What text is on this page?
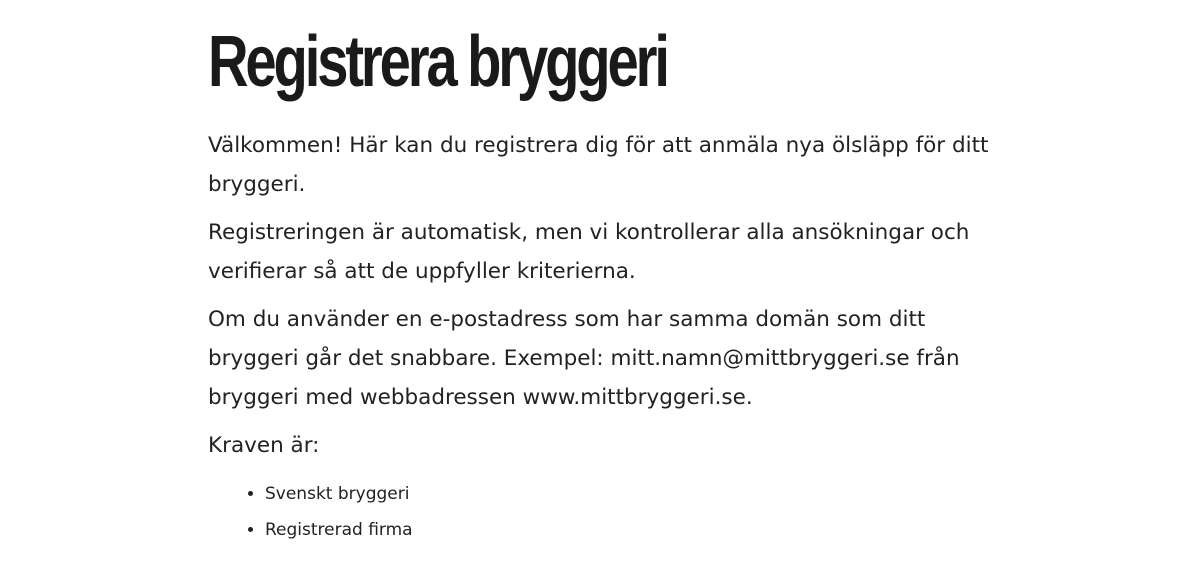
Registrera bryggeri

Välkommen! Här kan du registrera dig för att anmäla nya ölsläpp för ditt bryggeri.

Registreringen är automatisk, men vi kontrollerar alla ansökningar och verifierar så att de uppfyller kriterierna.

Om du använder en e-postadress som har samma domän som ditt bryggeri går det snabbare. Exempel: mitt.namn@mittbryggeri.se från bryggeri med webbadressen www.mittbryggeri.se.

Kraven är:

• Svenskt bryggeri
• Registrerad firma
